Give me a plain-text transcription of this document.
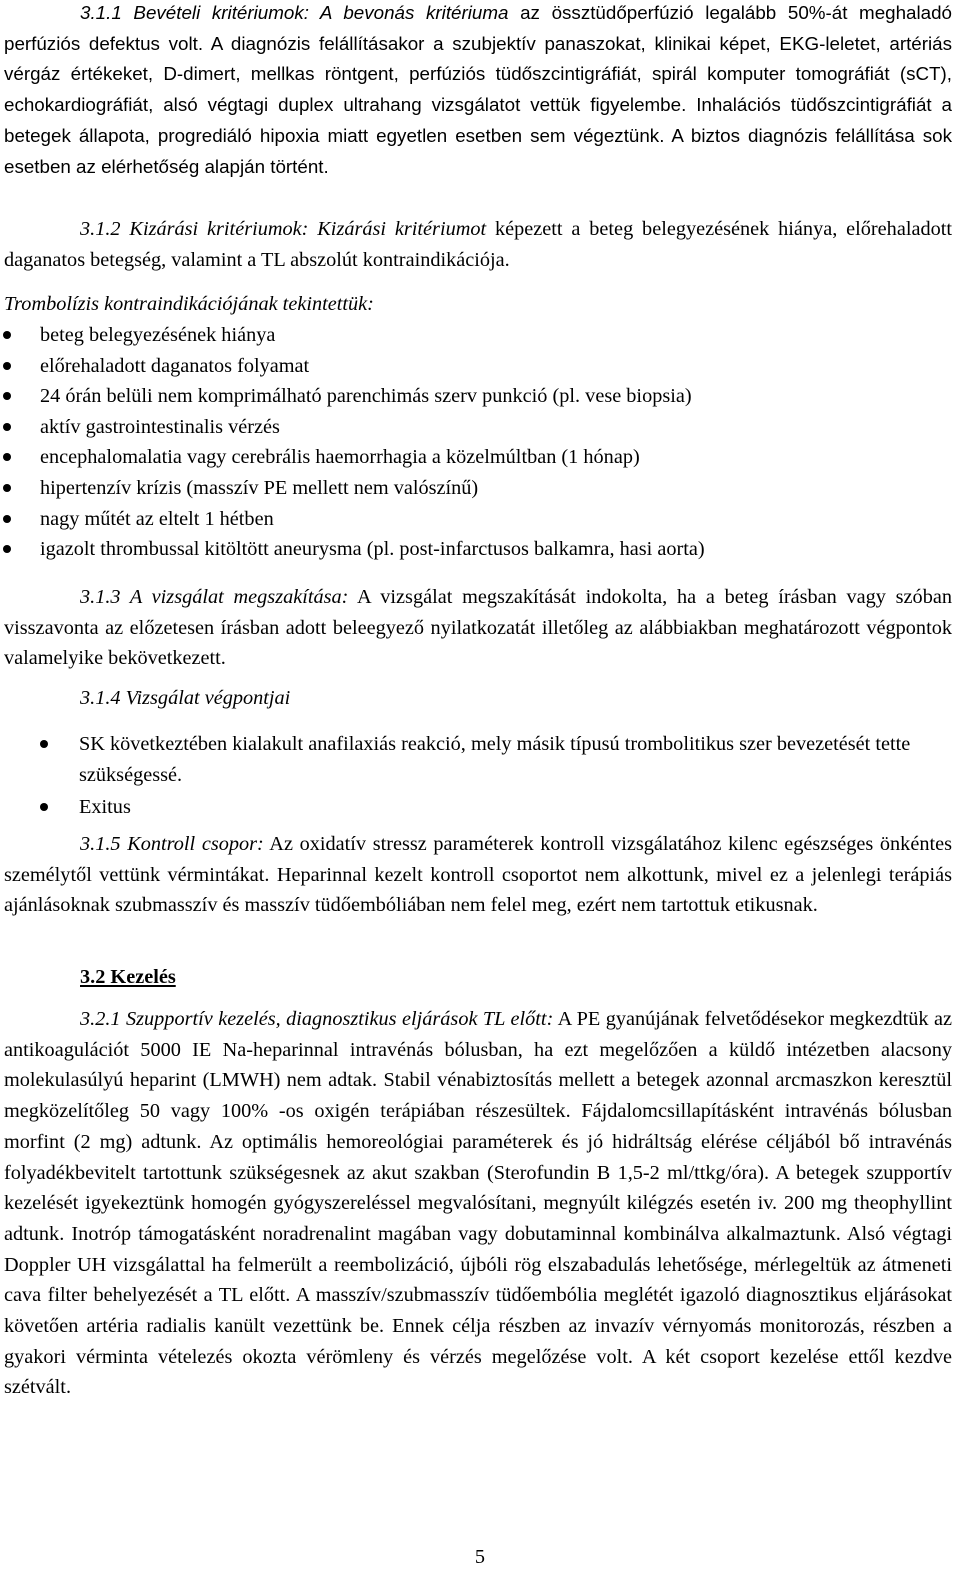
3.1.1 Bevételi kritériumok: A bevonás kritériuma az össztüdőperfúzió legalább 50%-át meghaladó perfúziós defektus volt. A diagnózis felállításakor a szubjektív panaszokat, klinikai képet, EKG-leletet, artériás vérgáz értékeket, D-dimert, mellkas röntgent, perfúziós tüdőszcintigráfiát, spirál komputer tomográfiát (sCT), echokardiográfiát, alsó végtagi duplex ultrahang vizsgálatot vettük figyelembe. Inhalációs tüdőszcintigráfiát a betegek állapota, progrediáló hipoxia miatt egyetlen esetben sem végeztünk. A biztos diagnózis felállítása sok esetben az elérhetőség alapján történt.

3.1.2 Kizárási kritériumok: Kizárási kritériumot képezett a beteg belegyezésének hiánya, előrehaladott daganatos betegség, valamint a TL abszolút kontraindikációja.

Trombolízis kontraindikációjának tekintettük:

beteg belegyezésének hiánya
előrehaladott daganatos folyamat
24 órán belüli nem komprimálható parenchimás szerv punkció (pl. vese biopsia)
aktív gastrointestinalis vérzés
encephalomalatia vagy cerebrális haemorrhagia a közelmúltban (1 hónap)
hipertenzív krízis (masszív PE mellett nem valószínű)
nagy műtét az eltelt 1 hétben
igazolt thrombussal kitöltött aneurysma (pl. post-infarctusos balkamra, hasi aorta)

3.1.3 A vizsgálat megszakítása: A vizsgálat megszakítását indokolta, ha a beteg írásban vagy szóban visszavonta az előzetesen írásban adott beleegyező nyilatkozatát illetőleg az alábbiakban meghatározott végpontok valamelyike bekövetkezett.

3.1.4 Vizsgálat végpontjai

SK következtében kialakult anafilaxiás reakció, mely másik típusú trombolitikus szer bevezetését tette szükségessé.
Exitus

3.1.5 Kontroll csopor: Az oxidatív stressz paraméterek kontroll vizsgálatához kilenc egészséges önkéntes személytől vettünk vérmintákat. Heparinnal kezelt kontroll csoportot nem alkottunk, mivel ez a jelenlegi terápiás ajánlásoknak szubmasszív és masszív tüdőembóliában nem felel meg, ezért nem tartottuk etikusnak.

3.2 Kezelés

3.2.1 Szupportív kezelés, diagnosztikus eljárások TL előtt: A PE gyanújának felvetődésekor megkezdtük az antikoagulációt 5000 IE Na-heparinnal intravénás bólusban, ha ezt megelőzően a küldő intézetben alacsony molekulasúlyú heparint (LMWH) nem adtak. Stabil vénabiztosítás mellett a betegek azonnal arcmaszkon keresztül megközelítőleg 50 vagy 100% -os oxigén terápiában részesültek. Fájdalomcsillapításként intravénás bólusban morfint (2 mg) adtunk. Az optimális hemoreológiai paraméterek és jó hidráltság elérése céljából bő intravénás folyadékbevitelt tartottunk szükségesnek az akut szakban (Sterofundin B 1,5-2 ml/ttkg/óra). A betegek szupportív kezelését igyekeztünk homogén gyógyszereléssel megvalósítani, megnyúlt kilégzés esetén iv. 200 mg theophyllint adtunk. Inotróp támogatásként noradrenalint magában vagy dobutaminnal kombinálva alkalmaztunk. Alsó végtagi Doppler UH vizsgálattal ha felmerült a reembolizáció, újbóli rög elszabadulás lehetősége, mérlegeltük az átmeneti cava filter behelyezését a TL előtt. A masszív/szubmasszív tüdőembólia meglétét igazoló diagnosztikus eljárásokat követően artéria radialis kanült vezettünk be. Ennek célja részben az invazív vérnyomás monitorozás, részben a gyakori vérminta vételezés okozta vérömleny és vérzés megelőzése volt. A két csoport kezelése ettől kezdve szétvált.

5
